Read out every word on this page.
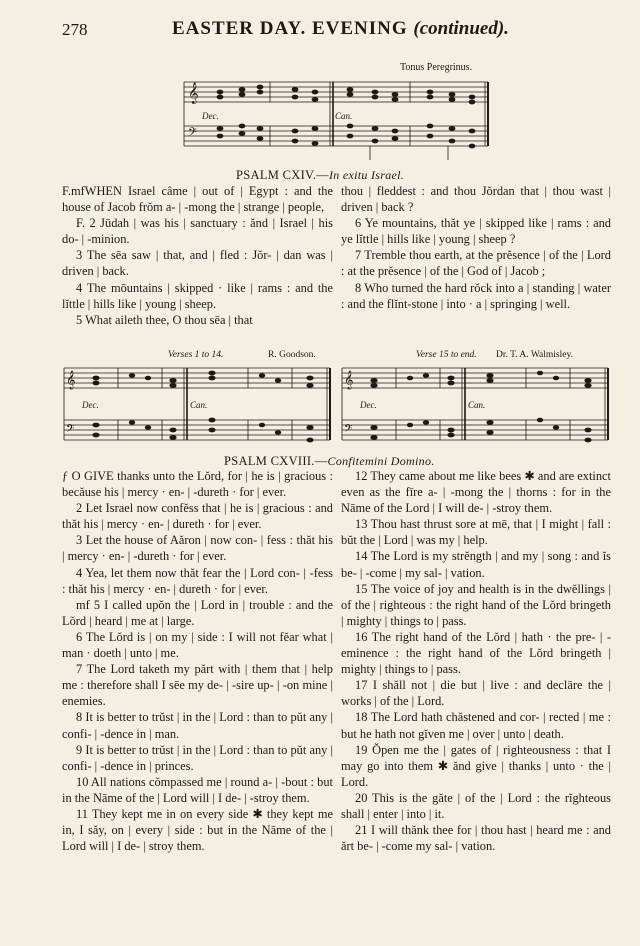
278	EASTER DAY. EVENING (continued).
Tonus Peregrinus.
𝄞
𝄢
Dec.	Can.
PSALM CXIV.—In exitu Israel.

F.mfWHEN Israel câme | out of | Egypt : and the house of Jacob frŏm a- | -mong the | strange | people,

F. 2 Jūdah | was his | sanctuary : ănd | Israel | his do- | -minion.

3 The sēa saw | that, and | fled : Jŏr- | dan was | driven | back.

4 The mōuntains | skipped · like | rams : and the lĭttle | hills like | young | sheep.

5 What aileth thee, O thou sēa | that

thou | fleddest : and thou Jŏrdan that | thou wast | driven | back ?

6 Ye mountains, thăt ye | skipped like | rams : and ye lĭttle | hills like | young | sheep ?

7 Tremble thou earth, at the prĕsence | of the | Lord : at the prĕsence | of the | God of | Jacob ;

8 Who turned the hard rŏck into a | standing | water : and the flĭnt-stone | into · a | springing | well.

Verses 1 to 14.	R. Goodson.	Verse 15 to end. Dr. T. A. Walmisley.
𝄞
𝄢
Dec.	Can.
𝄞
𝄢
Dec.	Can.
PSALM CXVIII.—Confitemini Domino.

ƒ O GIVE thanks unto the Lŏrd, for | he is | gracious : becăuse his | mercy · en- | -dureth · for | ever.

2 Let Israel now confĕss that | he is | gracious : and thăt his | mercy · en- | dureth · for | ever.

3 Let the house of Aăron | now con- | fess : thăt his | mercy · en- | -dureth · for | ever.

4 Yea, let them now thăt fear the | Lord con- | -fess : thăt his | mercy · en- | dureth · for | ever.

mf 5 I called upŏn the | Lord in | trouble : and the Lŏrd | heard | me at | large.

6 The Lŏrd is | on my | side : I will not fĕar what | man · doeth | unto | me.

7 The Lord taketh my părt with | them that | help me : therefore shall I sēe my de- | -sire up- | -on mine | enemies.

8 It is better to trŭst | in the | Lord : than to pŭt any | confi- | -dence in | man.

9 It is better to trŭst | in the | Lord : than to pŭt any | confi- | -dence in | princes.

10 All nations cŏmpassed me | round a- | -bout : but in the Nāme of the | Lord will | I de- | -stroy them.

11 They kept me in on every side ✱ they kept me in, I săy, on | every | side : but in the Nāme of the | Lord will | I de- | stroy them.

12 They came about me like bees ✱ and are extinct even as the fīre a- | -mong the | thorns : for in the Nāme of the Lord | I will de- | -stroy them.

13 Thou hast thrust sore at mē, that | I might | fall : bŭt the | Lord | was my | help.

14 The Lord is my strĕngth | and my | song : and ĭs be- | -come | my sal- | vation.

15 The voice of joy and health is in the dwĕllings | of the | righteous : the right hand of the Lŏrd bringeth | mighty | things to | pass.

16 The right hand of the Lŏrd | hath · the pre- | -eminence : the right hand of the Lŏrd bringeth | mighty | things to | pass.

17 I shăll not | die but | live : and declāre the | works | of the | Lord.

18 The Lord hath chăstened and cor- | rected | me : but he hath not gĭven me | over | unto | death.

19 Ŏpen me the | gates of | righteousness : that I may go into them ✱ ănd give | thanks | unto · the | Lord.

20 This is the găte | of the | Lord : the rĭghteous shall | enter | into | it.

21 I will thănk thee for | thou hast | heard me : and ărt be- | -come my sal- | vation.
